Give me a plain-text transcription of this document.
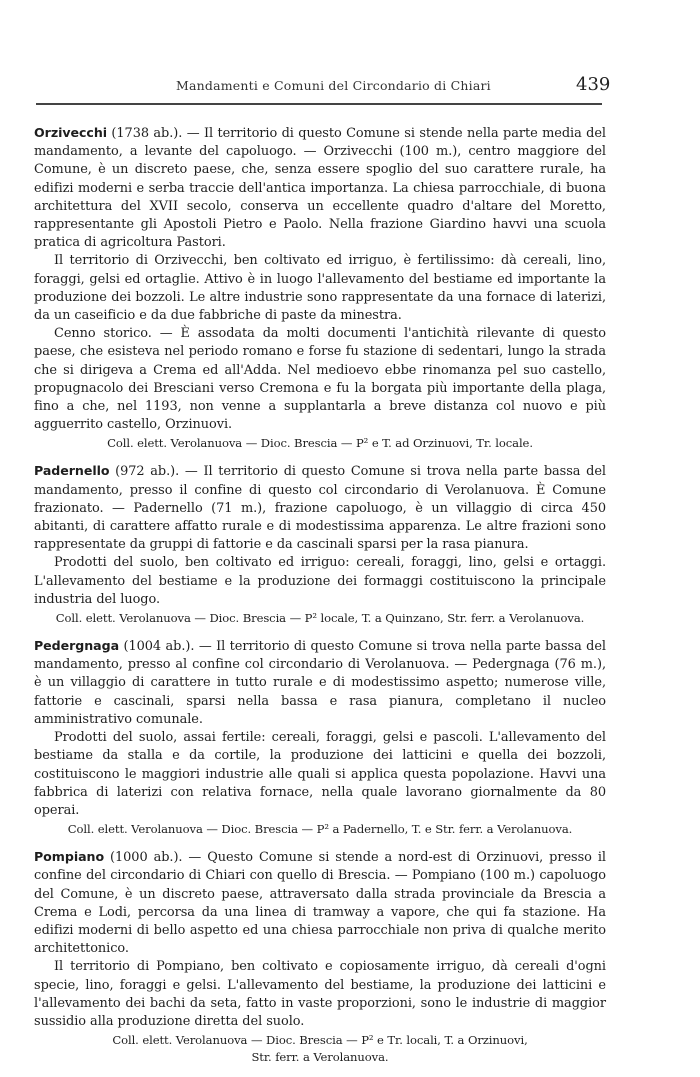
Mandamenti e Comuni del Circondario di Chiari	439

Orzivecchi (1738 ab.). — Il territorio di questo Comune si stende nella parte media del mandamento, a levante del capoluogo. — Orzivecchi (100 m.), centro maggiore del Comune, è un discreto paese, che, senza essere spoglio del suo carattere rurale, ha edifizi moderni e serba traccie dell'antica importanza. La chiesa parrocchiale, di buona architettura del XVII secolo, conserva un eccellente quadro d'altare del Moretto, rappresentante gli Apostoli Pietro e Paolo. Nella frazione Giardino havvi una scuola pratica di agricoltura Pastori.

Il territorio di Orzivecchi, ben coltivato ed irriguo, è fertilissimo: dà cereali, lino, foraggi, gelsi ed ortaglie. Attivo è in luogo l'allevamento del bestiame ed importante la produzione dei bozzoli. Le altre industrie sono rappresentate da una fornace di laterizi, da un caseificio e da due fabbriche di paste da minestra.

Cenno storico. — È assodata da molti documenti l'antichità rilevante di questo paese, che esisteva nel periodo romano e forse fu stazione di sedentari, lungo la strada che si dirigeva a Crema ed all'Adda. Nel medioevo ebbe rinomanza pel suo castello, propugnacolo dei Bresciani verso Cremona e fu la borgata più importante della plaga, fino a che, nel 1193, non venne a supplantarla a breve distanza col nuovo e più agguerrito castello, Orzinuovi.

Coll. elett. Verolanuova — Dioc. Brescia — P² e T. ad Orzinuovi, Tr. locale.

Padernello (972 ab.). — Il territorio di questo Comune si trova nella parte bassa del mandamento, presso il confine di questo col circondario di Verolanuova. È Comune frazionato. — Padernello (71 m.), frazione capoluogo, è un villaggio di circa 450 abitanti, di carattere affatto rurale e di modestissima apparenza. Le altre frazioni sono rappresentate da gruppi di fattorie e da cascinali sparsi per la rasa pianura.

Prodotti del suolo, ben coltivato ed irriguo: cereali, foraggi, lino, gelsi e ortaggi. L'allevamento del bestiame e la produzione dei formaggi costituiscono la principale industria del luogo.

Coll. elett. Verolanuova — Dioc. Brescia — P² locale, T. a Quinzano, Str. ferr. a Verolanuova.

Pedergnaga (1004 ab.). — Il territorio di questo Comune si trova nella parte bassa del mandamento, presso al confine col circondario di Verolanuova. — Pedergnaga (76 m.), è un villaggio di carattere in tutto rurale e di modestissimo aspetto; numerose ville, fattorie e cascinali, sparsi nella bassa e rasa pianura, completano il nucleo amministrativo comunale.

Prodotti del suolo, assai fertile: cereali, foraggi, gelsi e pascoli. L'allevamento del bestiame da stalla e da cortile, la produzione dei latticini e quella dei bozzoli, costituiscono le maggiori industrie alle quali si applica questa popolazione. Havvi una fabbrica di laterizi con relativa fornace, nella quale lavorano giornalmente da 80 operai.

Coll. elett. Verolanuova — Dioc. Brescia — P² a Padernello, T. e Str. ferr. a Verolanuova.

Pompiano (1000 ab.). — Questo Comune si stende a nord-est di Orzinuovi, presso il confine del circondario di Chiari con quello di Brescia. — Pompiano (100 m.) capoluogo del Comune, è un discreto paese, attraversato dalla strada provinciale da Brescia a Crema e Lodi, percorsa da una linea di tramway a vapore, che qui fa stazione. Ha edifizi moderni di bello aspetto ed una chiesa parrocchiale non priva di qualche merito architettonico.

Il territorio di Pompiano, ben coltivato e copiosamente irriguo, dà cereali d'ogni specie, lino, foraggi e gelsi. L'allevamento del bestiame, la produzione dei latticini e l'allevamento dei bachi da seta, fatto in vaste proporzioni, sono le industrie di maggior sussidio alla produzione diretta del suolo.

Coll. elett. Verolanuova — Dioc. Brescia — P² e Tr. locali, T. a Orzinuovi,
Str. ferr. a Verolanuova.
